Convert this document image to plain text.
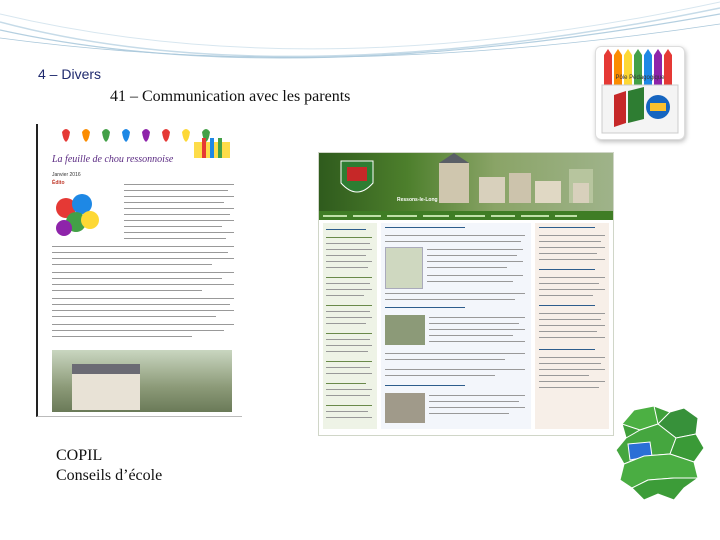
4 – Divers
41 – Communication avec les parents
Pôle Pédagogique
La feuille de chou ressonnoise
Janvier 2016
Édito
Ressons-le-Long
COPIL
Conseils d’école
